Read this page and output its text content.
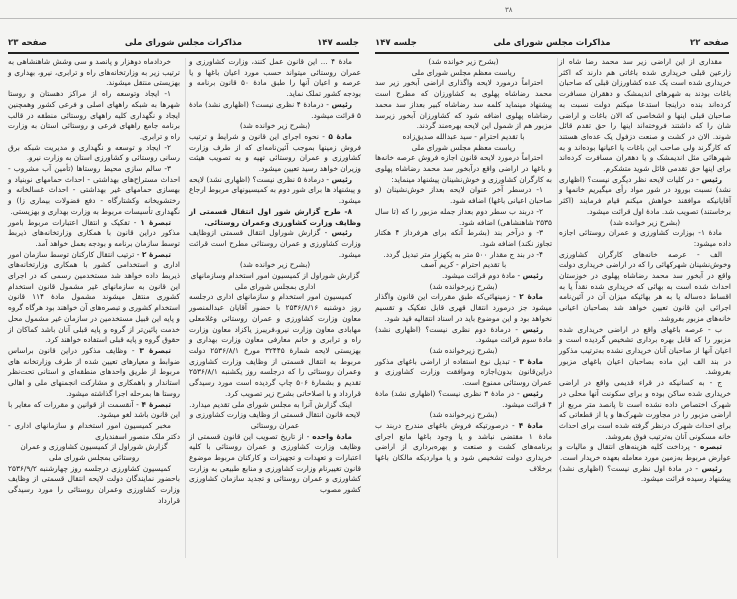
جلسه ۱۴۷
مذاکرات مجلس شورای ملی
صفحه ۲۳

مادهٔ ۴ ... این قانون عمل کنند، وزارت کشاورزی و عمران روستائی میتواند حسب مورد اعیان باغها و یا عرصه و اعیان آنها را طبق مادهٔ ۵۰ قانون برنامه و بودجه کشور تملک نماید.

رئیس - درمادهٔ ۴ نظری نیست؟ (اظهاری نشد) مادهٔ ۵ قرائت میشود.

(بشرح زیر خوانده شد)

مادهٔ ۵ - نحوه اجرای این قانون و شرایط و ترتیب فروش زمینها بموجب آئین‌نامه‌ای که از طرف وزارت کشاورزی و عمران روستائی تهیه و به تصویب هیئت وزیران خواهد رسید تعیین میشود.

رئیس - درمادهٔ ۵ نظری نیست؟ (اظهاری نشد) لایحه و پیشنهاد ها برای شور دوم به کمیسیونهای مربوط ارجاع میشود.

۸- طرح گزارش شور اول انتقال قسمتی از وظایف وزارت کشاورزی وعمران روستائی.

رئیس - گزارش شوراول انتقال قسمتی ازوظایف وزارت کشاورزی و عمران روستائی مطرح است قرائت میشود.

(بشرح زیر خوانده شد)

گزارش شوراول از کمیسیون امور استخدام وسازمانهای اداری بمجلس شورای ملی

کمیسیون امور استخدام و سازمانهای اداری درجلسه روز دوشنبه ۲۵۳۶/۸/۱۶ با حضور آقایان عبدالمنصور معاون وزارت کشاورزی و عمران روستائی وغلامعلی مهابادی معاون وزارت نیرو،فریبرز یاکزاد معاون وزارت راه و ترابری و خانم معارفی معاون وزارت بهداری و بهزیستی لایحه شمارهٔ ۳۲۴۴۵ مورخ ۲۵۳۶/۸/۱ دولت مربوط به انتقال قسمتی از وظایف وزارت کشاورزی وعمران روستائی را که درجلسه روز یکشنبه ۲۵۳۶/۸/۱ تقدیم و بشمارهٔ ۵۰۶ چاپ گردیده است مورد رسیدگی قرارداد و با اصلاحاتی بشرح زیر تصویب کرد.

اینک گزارش آنرا به مجلس شورای ملی تقدیم میدارد.

لایحه قانون انتقال قسمتی از وظایف وزارت کشاورزی و عمران روستائی

مادهٔ واحده - از تاریخ تصویب این قانون قسمتی از وظایف وزارت کشاورزی و عمران روستائی با کلیه اعتبارات و تعهدات و تجهیزات و کارکنان مربوط موضوع قانون تغییرنام وزارت کشاورزی و منابع طبیعی به وزارت کشاورزی و عمران روستائی و تجدید سازمان کشاورزی کشور مصوب

خردادماه دوهزار و پانصد و سی وشش شاهنشاهی به ترتیب زیر به وزارتخانه‌های راه و ترابری، نیرو، بهداری و بهزیستی منتقل میشوند.

۱- ایجاد وتوسعه راه از مراکز دهستان و روستا شهرها به شبکه راههای اصلی و فرعی کشور وهمچنین ایجاد و نگهداری کلیه راههای روستائی منطقه در قالب برنامه جامع راههای فرعی و روستائی استان به وزارت راه و ترابری.

۲- ایجاد و توسعه و نگهداری و مدیریت شبکه برق رسانی روستائی و کشاورزی استان به وزارت نیرو.

۳- سالم سازی محیط روستاها (تأمین آب مشروب - احداث مستراح‌های بهداشتی - احداث حمامهای نوبنیاد و بهسازی حمامهای غیر بهداشتی - احداث غسالخانه و رختشویخانه وکشتارگاه - دفع فضولات بیماری زا) و نگهداری تأسیسات مربوط به وزارت بهداری و بهزیستی.

تبصرهٔ ۱ - تفکیک و انتقال اعتبارات مربوط بامور مذکور دراین قانون با همکاری وزارتخانه‌های ذیربط توسط سازمان برنامه و بودجه بعمل خواهد آمد.

تبصرهٔ ۲ - ترتیب انتقال کارکنان توسط سازمان امور اداری و استخدامی کشور با همکاری وزارتخانه‌های ذیربط داده خواهد شد مستخدمین رسمی که در اجرای این قانون به سازمانهای غیر مشمول قانون استخدام کشوری منتقل میشوند مشمول مادهٔ ۱۱۴ قانون استخدام کشوری و تبصره‌های آن خواهند بود هرگاه گروه و پایه این قبیل مستخدمین در سازمان غیر مشمول محل خدمت پائین‌تر از گروه و پایه قبلی آنان باشد کماکان از حقوق گروه و پایه قبلی استفاده خواهند کرد.

تبصرهٔ ۳ - وظایف مذکور دراین قانون براساس ضوابط و معیارهای تعیین شده از طرف وزارتخانه های مربوط از طریق واحدهای منطقه‌ای و استانی تحت‌نظر استاندار و باهمکاری و مشارکت انجمنهای ملی و اهالی روستا ها بمرحله اجرا گذاشته میشود.

تبصرهٔ ۴ - آنقسمت از قوانین و مقررات که مغایر با این قانون باشد لغو میشود.

مخبر کمیسیون امور استخدام و سازمانهای اداری - دکتر ملک منصور اسفندیاری

گزارش شوراول از کمیسیون کشاورزی و عمران روستائی بمجلس شورای ملی

کمیسیون کشاورزی درجلسه روز چهارشنبه ۲۵۳۶/۹/۲ باحضور نمایندگان دولت لایحه انتقال قسمتی از وظایف وزارت کشاورزی وعمران روستائی را مورد رسیدگی قرارداد

۳۸
صفحه ۲۲
مذاکرات مجلس شورای ملی
جلسه ۱۴۷

مقداری از این اراضی زیر سد محمد رضا شاه از زارعین قبلی خریداری شده باغاتی هم دارند که اکثر خریداری شده است یک عده کشاورزان قبلی که صاحبان باغات بودند به شهرهای اندیمشک و دهقران مسافرت کرده‌اند بنده دراینجا استدعا میکنم دولت نسبت به صاحبان قبلی اینها و اشخاصی که الان باغات و اراضی شان را که داشتند فروخته‌اند اینها را حق تقدم قائل شوند. الان در کشت و صنعت دزفول یک عده‌ای هستند که کارگرند ولی صاحب این باغات یا اعیانها بوده‌اند و به شهرهائی مثل اندیمشک و یا دهقران مسافرت کرده‌اند برای اینها حق تقدمی قائل شوید متشکرم.

رئیس - در کلیات لایحه نظر دیگری نیست؟ (اظهاری نشد) نسبت بورود در شور مواد رأی میگیریم خانمها و آقایانیکه موافقند خواهش میکنم قیام فرمایند (اکثر برخاستند) تصویب شد. مادهٔ اول قرائت میشود.

(بشرح زیر خوانده شد)

مادهٔ ۱- بوزارت کشاورزی و عمران روستائی اجازه داده میشود:

الف - عرصه خانه‌های کارگران کشاورزی وخوش‌نشینان شهرکهائی را که در اراضی خریداری دولت واقع در آبخور سد محمد رضاشاه پهلوی در خوزستان احداث شده است به بهائی که خریداری شده نقداً یا به اقساط ده‌ساله یا به هر بهائیکه میزان آن در آئین‌نامه اجرائی این قانون تعیین خواهد شد بصاحبان اعیانی خانه‌های مزبور بفروشد.

ب - عرصه باغهای واقع در اراضی خریداری شده مزبور را که قابل بهره برداری تشخیص گردیده است و اعیان آنها از صاحبان آنان خریداری نشده به‌ترتیب مذکور در بند الف این ماده بصاحبان اعیان باغهای مزبور بفروشد.

ج - به کسانیکه در قراء قدیمی واقع در اراضی خریداری شده ساکن بوده و برای سکونت آنها محلی در شهرک اختصاص داده نشده است تا پانصد متر مربع از اراضی مزبور را در مجاورت شهرک‌ها و یا از قطعاتی که برای احداث شهرک درنظر گرفته شده است برای احداث خانه مسکونی آنان به‌ترتیب فوق بفروشد.

تبصره - پرداخت کلیه هزینه‌های انتقال و مالیات و عوارض مربوط به‌زمین مورد معامله بعهده خریدار است.

رئیس - در مادهٔ اول نظری نیست؟ (اظهاری نشد) پیشنهاد رسیده قرائت میشود.

(بشرح زیر خوانده شد)

ریاست معظم مجلس شورای ملی

احتراماً درمورد لایحه واگذاری اراضی آبخور زیر سد محمد رضاشاه پهلوی به کشاورزان که مطرح است پیشنهاد مینماید کلمه سد رضاشاه کبیر بعداز سد محمد رضاشاه پهلوی اضافه شود که کشاورزان آبخور زیرسد مزبور هم از شمول این لایحه بهره‌مند گردند.

با تقدیم احترام - سید عبدالله صدیق‌زاده

ریاست معظم مجلس شورای ملی

احتراماً درمورد لایحه قانون اجازه فروش عرصه خانه‌ها و باغها در اراضی واقع درآبخور سد محمد رضاشاه پهلوی به کارگران کشاورزی و خوش‌نشینان پیشنهاد مینماید:

۱- درسطر آخر عنوان لایحه بعداز خوش‌نشینان (و صاحبان اعیانی باغها) اضافه شود.

۲- دربند ب سطر دوم بعداز جمله مزبور را که (تا سال ۲۵۳۵ شاهنشاهی) اضافه شود.

۳- و درآخر بند (بشرط آنکه برای هرفرداز ۴ هکتار تجاوز نکند) اضافه شود.

۴- در بند ج مقدار ۵۰۰ متر به یکهزار متر تبدیل گردد.

با تقدیم احترام - کریم آصف

رئیس - مادهٔ دوم قرائت میشود.

(بشرح زیرخوانده شد)

مادهٔ ۲ - زمینهائی‌که طبق مقررات این قانون واگذار میشود جز درمورد انتقال قهری قابل تفکیک و تقسیم نخواهد بود و این موضوع باید در اسناد انتقالیه قید شود.

رئیس - درمادهٔ دوم نظری نیست؟ (اظهاری نشد) مادهٔ سوم قرائت میشود.

(بشرح زیرخوانده شد)

مادهٔ ۳ - تبدیل نوع استفاده از اراضی باغهای مذکور دراین‌قانون بدون‌اجازه وموافقت وزارت کشاورزی و عمران روستائی ممنوع است.

رئیس - در مادهٔ ۳ نظری نیست؟ (اظهاری نشد) مادهٔ ۴ قرائت میشود.

(بشرح زیرخوانده شد)

مادهٔ ۴ - درصورتیکه فروش باغهای مندرج دربند ب مادهٔ ۱ مقتضی نباشد و یا وجود باغها مانع اجرای برنامه‌های کشت و صنعت و بهره‌برداری از اراضی خریداری دولت تشخیص شود و یا مواردیکه مالکان باغها برخلاف
